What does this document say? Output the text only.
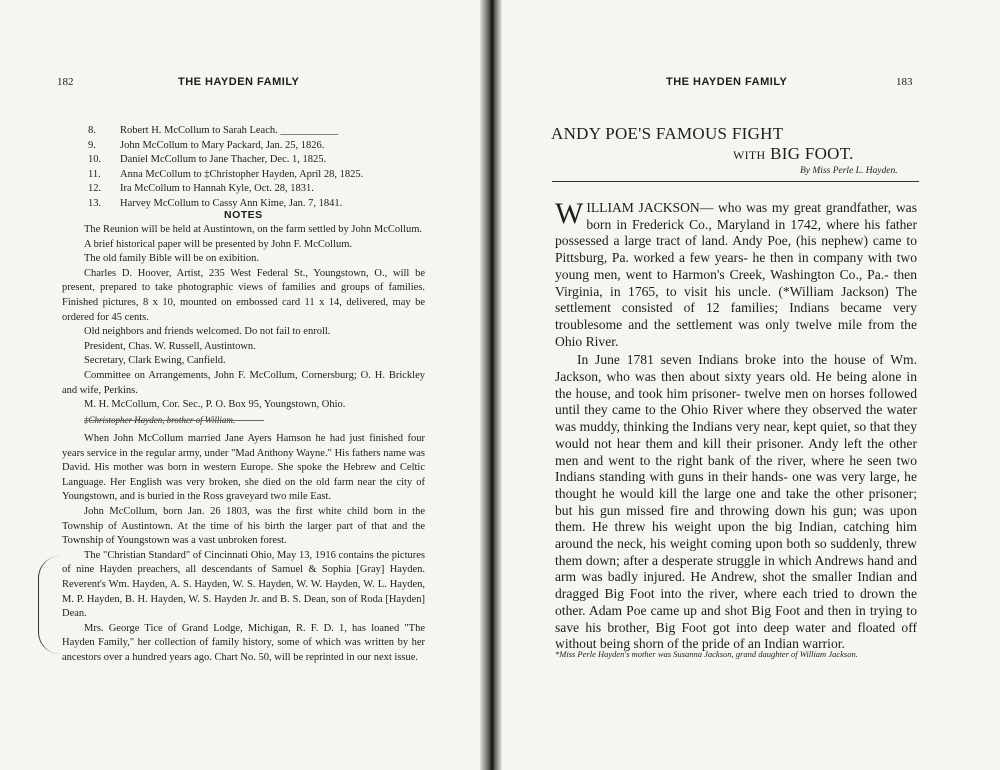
182	THE HAYDEN FAMILY
8.	Robert H. McCollum to Sarah Leach. ___________
9.	John McCollum to Mary Packard, Jan. 25, 1826.
10.	Daniel McCollum to Jane Thacher, Dec. 1, 1825.
11.	Anna McCollum to ‡Christopher Hayden, April 28, 1825.
12.	Ira McCollum to Hannah Kyle, Oct. 28, 1831.
13.	Harvey McCollum to Cassy Ann Kime, Jan. 7, 1841.
NOTES

The Reunion will be held at Austintown, on the farm settled by John McCollum.

A brief historical paper will be presented by John F. McCollum.

The old family Bible will be on exibition.

Charles D. Hoover, Artist, 235 West Federal St., Youngstown, O., will be present, prepared to take photographic views of families and groups of families. Finished pictures, 8 x 10, mounted on embossed card 11 x 14, delivered, may be ordered for 45 cents.

Old neighbors and friends welcomed. Do not fail to enroll.

President, Chas. W. Russell, Austintown.

Secretary, Clark Ewing, Canfield.

Committee on Arrangements, John F. McCollum, Cornersburg; O. H. Brickley and wife, Perkins.

M. H. McCollum, Cor. Sec., P. O. Box 95, Youngstown, Ohio.

When John McCollum married Jane Ayers Hamson he had just finished four years service in the regular army, under "Mad Anthony Wayne." His fathers name was David. His mother was born in western Europe. She spoke the Hebrew and Celtic Language. Her English was very broken, she died on the old farm near the city of Youngstown, and is buried in the Ross graveyard two mile East.

John McCollum, born Jan. 26 1803, was the first white child born in the Township of Austintown. At the time of his birth the larger part of that and the Township of Youngstown was a vast unbroken forest.

The "Christian Standard" of Cincinnati Ohio, May 13, 1916 contains the pictures of nine Hayden preachers, all descendants of Samuel & Sophia [Gray] Hayden. Reverent's Wm. Hayden, A. S. Hayden, W. S. Hayden, W. W. Hayden, W. L. Hayden, M. P. Hayden, B. H. Hayden, W. S. Hayden Jr. and B. S. Dean, son of Roda [Hayden] Dean.

Mrs. George Tice of Grand Lodge, Michigan, R. F. D. 1, has loaned "The Hayden Family," her collection of family history, some of which was written by her ancestors over a hundred years ago. Chart No. 50, will be reprinted in our next issue.

THE HAYDEN FAMILY	183
ANDY POE'S FAMOUS FIGHT
WITH BIG FOOT.
By Miss Perle L. Hayden.

WILLIAM JACKSON— who was my great grandfather, was born in Frederick Co., Maryland in 1742, where his father possessed a large tract of land. Andy Poe, (his nephew) came to Pittsburg, Pa. worked a few years- he then in company with two young men, went to Harmon's Creek, Washington Co., Pa.- then Virginia, in 1765, to visit his uncle. (*William Jackson) The settlement consisted of 12 families; Indians became very troublesome and the settlement was only twelve mile from the Ohio River.

In June 1781 seven Indians broke into the house of Wm. Jackson, who was then about sixty years old. He being alone in the house, and took him prisoner- twelve men on horses followed until they came to the Ohio River where they observed the water was muddy, thinking the Indians very near, kept quiet, so that they would not hear them and kill their prisoner. Andy left the other men and went to the right bank of the river, where he seen two Indians standing with guns in their hands- one was very large, he thought he would kill the large one and take the other prisoner; but his gun missed fire and throwing down his gun; was upon them. He threw his weight upon the big Indian, catching him around the neck, his weight coming upon both so suddenly, threw them down; after a desperate struggle in which Andrews hand and arm was badly injured. He Andrew, shot the smaller Indian and dragged Big Foot into the river, where each tried to drown the other. Adam Poe came up and shot Big Foot and then in trying to save his brother, Big Foot got into deep water and floated off without being shorn of the pride of an Indian warrior.

*Miss Perle Hayden's mother was Susanna Jackson, grand daughter of William Jackson.
